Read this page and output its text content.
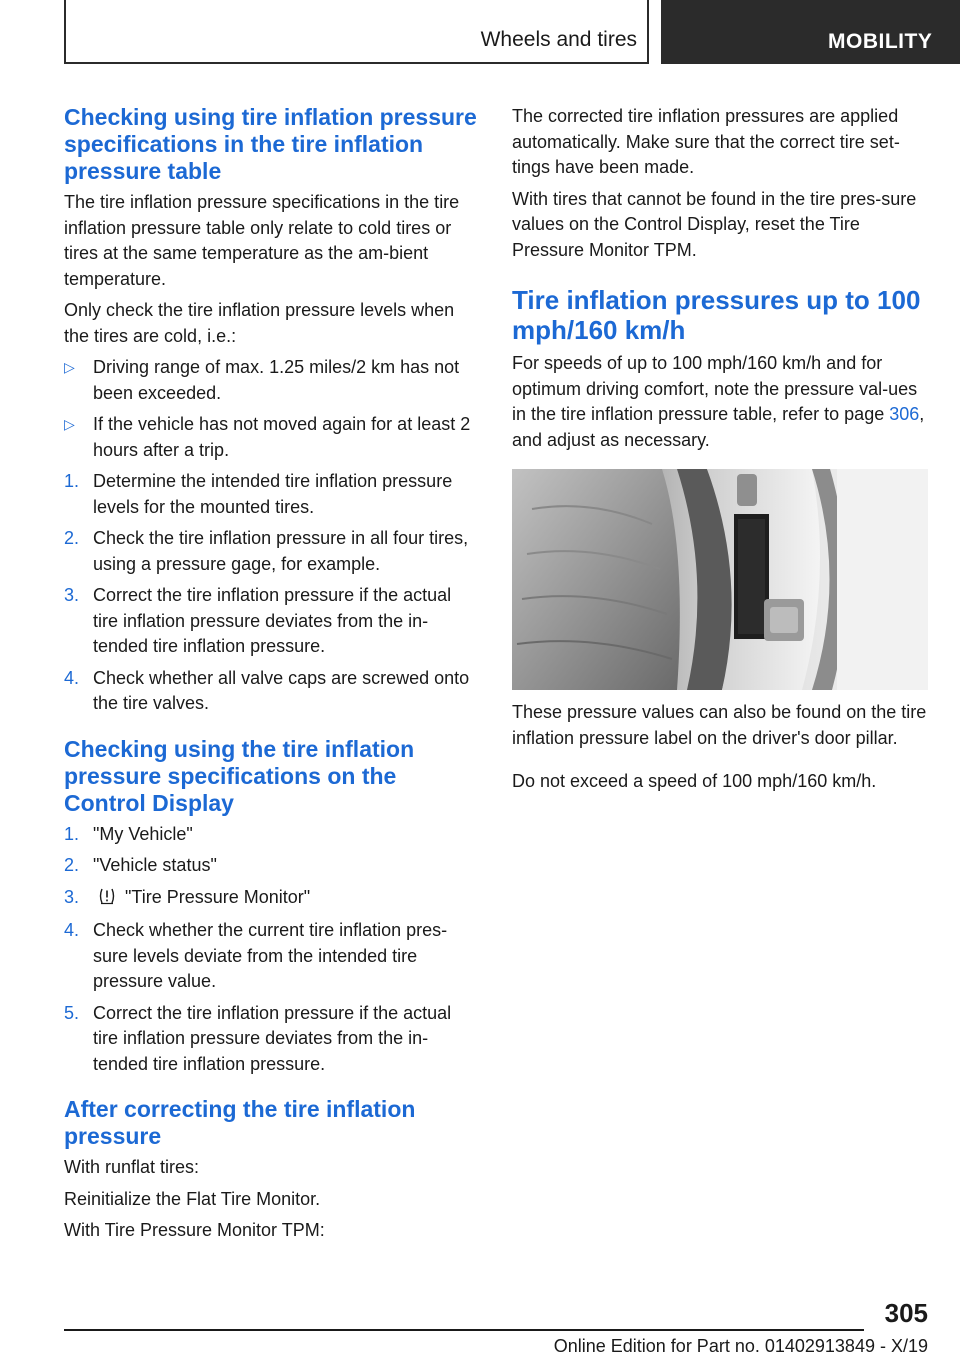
Wheels and tires	MOBILITY
Checking using tire inflation pressure specifications in the tire inflation pressure table

The tire inflation pressure specifications in the tire inflation pressure table only relate to cold tires or tires at the same temperature as the am-bient temperature.

Only check the tire inflation pressure levels when the tires are cold, i.e.:

▷ Driving range of max. 1.25 miles/2 km has not been exceeded.
▷ If the vehicle has not moved again for at least 2 hours after a trip.
1. Determine the intended tire inflation pressure levels for the mounted tires.
2. Check the tire inflation pressure in all four tires, using a pressure gage, for example.
3. Correct the tire inflation pressure if the actual tire inflation pressure deviates from the in-tended tire inflation pressure.
4. Check whether all valve caps are screwed onto the tire valves.
Checking using the tire inflation pressure specifications on the Control Display
1. "My Vehicle"
2. "Vehicle status"
3.	"Tire Pressure Monitor"
4. Check whether the current tire inflation pres-sure levels deviate from the intended tire pressure value.
5. Correct the tire inflation pressure if the actual tire inflation pressure deviates from the in-tended tire inflation pressure.
After correcting the tire inflation pressure

With runflat tires:

Reinitialize the Flat Tire Monitor.

With Tire Pressure Monitor TPM:

The corrected tire inflation pressures are applied automatically. Make sure that the correct tire set-tings have been made.

With tires that cannot be found in the tire pres-sure values on the Control Display, reset the Tire Pressure Monitor TPM.

Tire inflation pressures up to 100 mph/160 km/h

For speeds of up to 100 mph/160 km/h and for optimum driving comfort, note the pressure val-ues in the tire inflation pressure table, refer to page 306, and adjust as necessary.

These pressure values can also be found on the tire inflation pressure label on the driver's door pillar.

Do not exceed a speed of 100 mph/160 km/h.

305
Online Edition for Part no. 01402913849 - X/19
